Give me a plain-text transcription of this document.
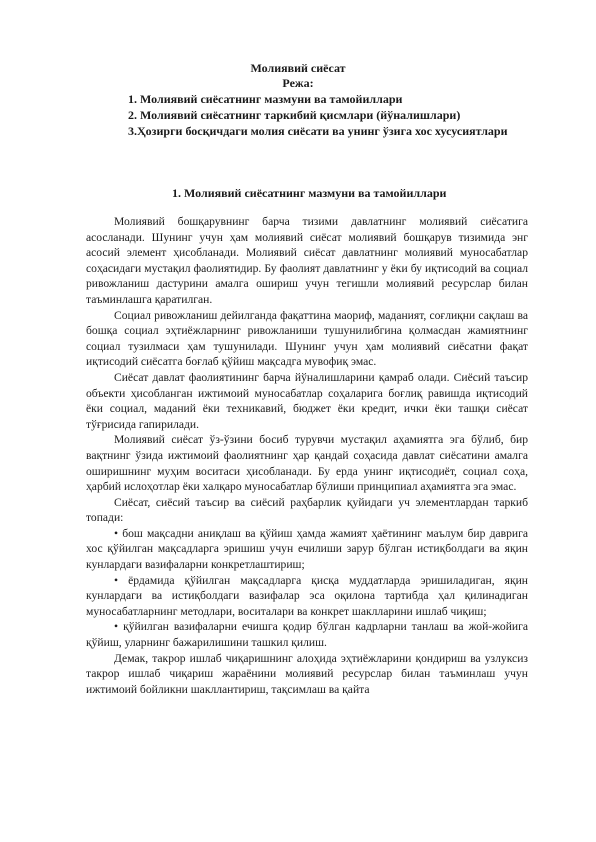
Молиявий сиёсат
Режа:
1. Молиявий сиёсатнинг мазмуни ва тамойиллари
2. Молиявий сиёсатнинг таркибий қисмлари (йўналишлари)
3.Ҳозирги босқичдаги молия сиёсати ва унинг ўзига хос хусусиятлари
1. Молиявий сиёсатнинг мазмуни ва тамойиллари

Молиявий бошқарувнинг барча тизими давлатнинг молиявий сиёсатига асосланади. Шунинг учун ҳам молиявий сиёсат молиявий бошқарув тизимида энг асосий элемент ҳисобланади. Молиявий сиёсат давлатнинг молиявий муносабатлар соҳасидаги мустақил фаолиятидир. Бу фаолият давлатнинг у ёки бу иқтисодий ва социал ривожланиш дастурини амалга ошириш учун тегишли молиявий ресурслар билан таъминлашга қаратилган.

Социал ривожланиш дейилганда фақаттина мaориф, маданият, соғлиқни сақлаш ва бошқа социал эҳтиёжларнинг ривожланиши тушунилибгина қолмасдан жамиятнинг социал тузилмаси ҳам тушунилади. Шунинг учун ҳам молиявий сиёсатни фақат иқтисодий сиёсатга боғлаб қўйиш мақсадга мувофиқ эмас.

Сиёсат давлат фаолиятининг барча йўналишларини қамраб олади. Сиёсий таъсир объекти ҳисобланган ижтимоий муносабатлар соҳаларига боғлиқ равишда иқтисодий ёки социал, маданий ёки техникавий, бюджет ёки кредит, ички ёки ташқи сиёсат тўғрисида гапирилади.

Молиявий сиёсат ўз-ўзини босиб турувчи мустақил аҳамиятга эга бўлиб, бир вақтнинг ўзида ижтимоий фаолиятнинг ҳар қандай соҳасида давлат сиёсатини амалга оширишнинг муҳим воситаси ҳисобланади. Бу ерда унинг иқтисодиёт, социал соҳа, ҳарбий ислоҳотлар ёки халқаро муносабатлар бўлиши принципиал аҳамиятга эга эмас.

Сиёсат, сиёсий таъсир ва сиёсий раҳбарлик қуйидаги уч элементлардан таркиб топади:

• бош мақсадни аниқлаш ва қўйиш ҳамда жамият ҳаётининг маълум бир даврига хос қўйилган мақсадларга эришиш учун ечилиши зарур бўлган истиқболдаги ва яқин кунлардаги вазифаларни конкретлаштириш;

• ёрдамида қўйилган мақсадларга қисқа муддатларда эришиладиган, яқин кунлардаги ва истиқболдаги вазифалар эса оқилона тартибда ҳал қилинадиган муносабатларнинг методлари, воситалари ва конкрет шаклларини ишлаб чиқиш;

• қўйилган вазифаларни ечишга қодир бўлган кадрларни танлаш ва жой-жойига қўйиш, уларнинг бажарилишини ташкил қилиш.

Демак, такрор ишлаб чиқаришнинг алоҳида эҳтиёжларини қондириш ва узлуксиз такрор ишлаб чиқариш жараёнини молиявий ресурслар билан таъминлаш учун ижтимоий бойликни шакллантириш, тақсимлаш ва қайта
